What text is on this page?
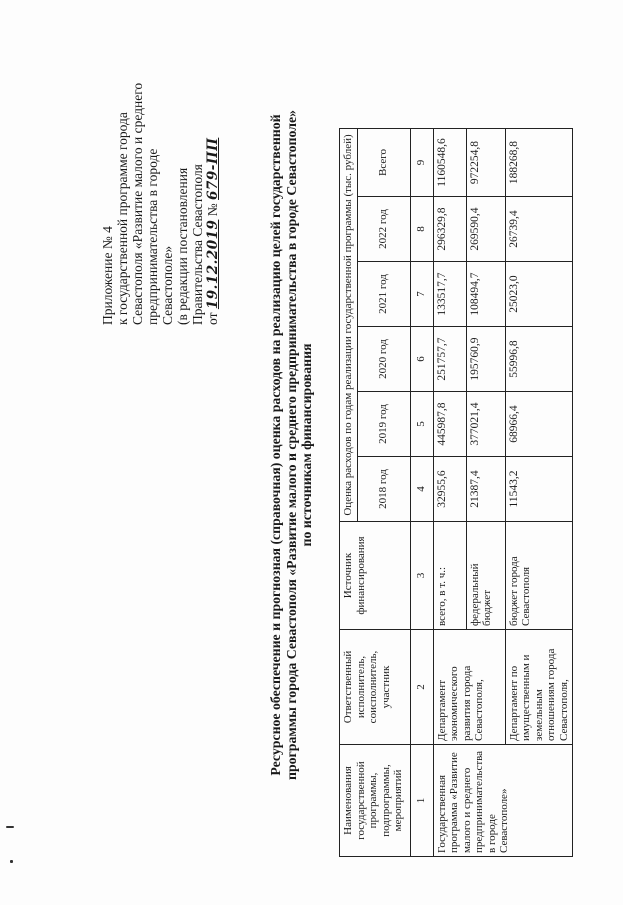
Приложение № 4 к государственной программе города Севастополя «Развитие малого и среднего предпринимательства в городе Севастополе» (в редакции постановления Правительства Севастополя от 19.12.2019 № 679-ПП	Ресурсное обеспечение и прогнозная (справочная) оценка расходов на реализацию целей государственной программы города Севастополя «Развитие малого и среднего предпринимательства в городе Севастополе» по источникам финансирования
Наименования государственной программы, подпрограммы, мероприятий	Ответственный исполнитель, соисполнитель, участник	Источник финансирования	Оценка расходов по годам реализации государственной программы (тыс. рублей)					
			2018 год	2019 год	2020 год	2021 год	2022 год	Всего
1	2	3	4	5	6	7	8	9
Государственная программа «Развитие малого и среднего предпринимательства в городе Севастополе»	Департамент экономического развития города Севастополя,	всего, в т. ч.:	32955,6	445987,8	251757,7	133517,7	296329,8	1160548,6
		федеральный бюджет	21387,4	377021,4	195760,9	108494,7	269590,4	972254,8
	Департамент по имущественным и земельным отношениям города Севастополя,	бюджет города Севастополя	11543,2	68966,4	55996,8	25023,0	26739,4	188268,8
